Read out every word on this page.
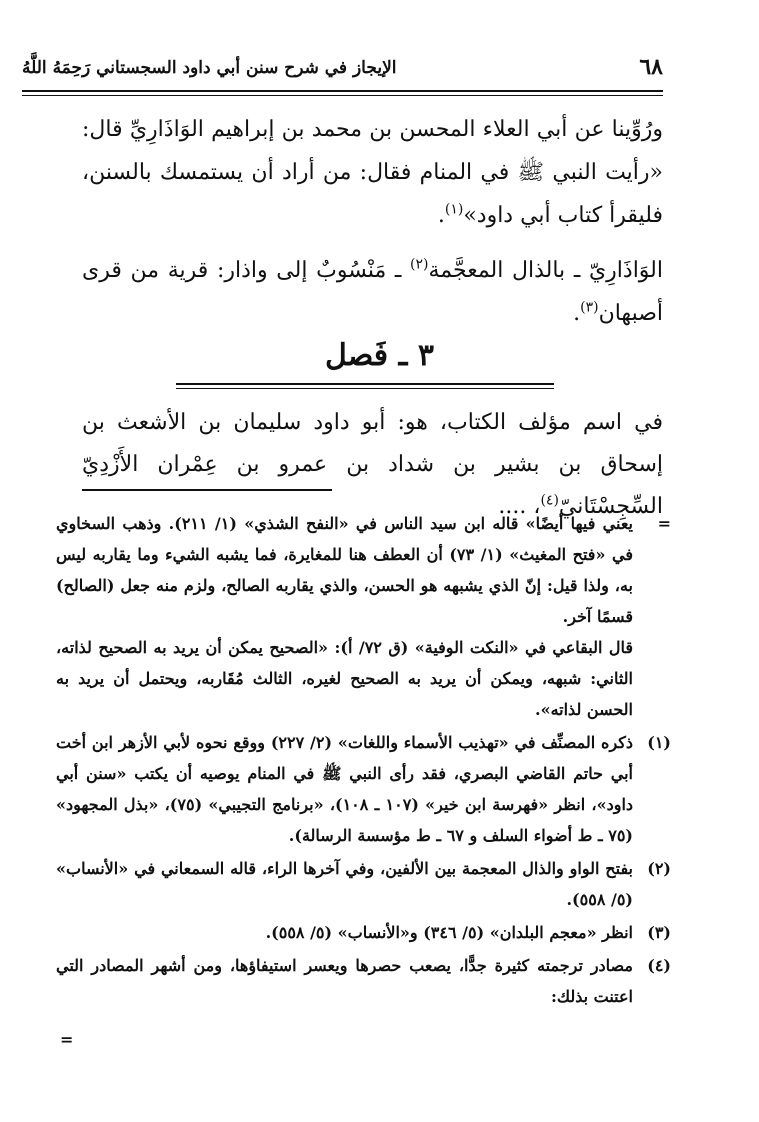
٦٨
الإيجاز في شرح سنن أبي داود السجستاني رَحِمَهُ اللَّهُ

ورُوِّينا عن أبي العلاء المحسن بن محمد بن إبراهيم الوَاذَارِيِّ قال: «رأيت النبي ﷺ في المنام فقال: من أراد أن يستمسك بالسنن، فليقرأ كتاب أبي داود»$^{(١)}$.

الوَاذَارِيّ ـ بالذال المعجَّمة$^{(٢)}$ ـ مَنْسُوبٌ إلى واذار: قرية من قرى أصبهان$^{(٣)}$.

٣ ـ فَصل

في اسم مؤلف الكتاب، هو: أبو داود سليمان بن الأشعث بن إسحاق بن بشير بن شداد بن عمرو بن عِمْران الأَزْدِيّ السِّجِسْتَانيّ$^{(٤)}$، ....

=

يعني فيها أيضًا» قاله ابن سيد الناس في «النفح الشذي» (١/ ٢١١). وذهب السخاوي في «فتح المغيث» (١/ ٧٣) أن العطف هنا للمغايرة، فما يشبه الشيء وما يقاربه ليس به، ولذا قيل: إنّ الذي يشبهه هو الحسن، والذي يقاربه الصالح، ولزم منه جعل (الصالح) قسمًا آخر.

قال البقاعي في «النكت الوفية» (ق ٧٢/ أ): «الصحيح يمكن أن يريد به الصحيح لذاته، الثاني: شبهه، ويمكن أن يريد به الصحيح لغيره، الثالث مُقَاربه، ويحتمل أن يريد به الحسن لذاته».

(١)

ذكره المصنِّف في «تهذيب الأسماء واللغات» (٢/ ٢٢٧) ووقع نحوه لأبي الأزهر ابن أخت أبي حاتم القاضي البصري، فقد رأى النبي ﷺ في المنام يوصيه أن يكتب «سنن أبي داود»، انظر «فهرسة ابن خير» (١٠٧ ـ ١٠٨)، «برنامج التجيبي» (٧٥)، «بذل المجهود» (٧٥ ـ ط أضواء السلف و ٦٧ ـ ط مؤسسة الرسالة).

(٢)

بفتح الواو والذال المعجمة بين الألفين، وفي آخرها الراء، قاله السمعاني في «الأنساب» (٥/ ٥٥٨).

(٣)

انظر «معجم البلدان» (٥/ ٣٤٦) و«الأنساب» (٥/ ٥٥٨).

(٤)

مصادر ترجمته كثيرة جدًّا، يصعب حصرها ويعسر استيفاؤها، ومن أشهر المصادر التي اعتنت بذلك:

=
